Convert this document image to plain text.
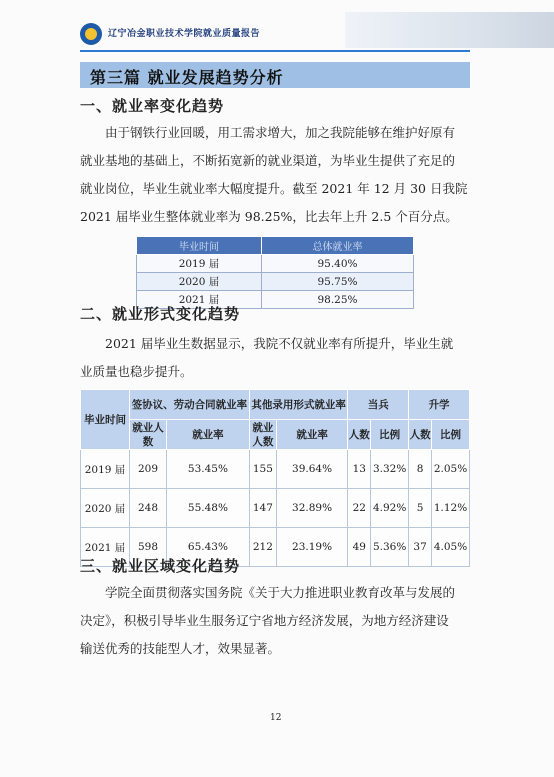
辽宁冶金职业技术学院就业质量报告
第三篇 就业发展趋势分析
一、就业率变化趋势
由于钢铁行业回暖，用工需求增大，加之我院能够在维护好原有
就业基地的基础上，不断拓宽新的就业渠道，为毕业生提供了充足的
就业岗位，毕业生就业率大幅度提升。截至 2021 年 12 月 30 日我院
2021 届毕业生整体就业率为 98.25%，比去年上升 2.5 个百分点。
毕业时间	总体就业率
2019 届	95.40%
2020 届	95.75%
2021 届	98.25%
二、就业形式变化趋势
2021 届毕业生数据显示，我院不仅就业率有所提升，毕业生就
业质量也稳步提升。
毕业时间	签协议、劳动合同就业率		其他录用形式就业率		当兵		升学	
	就业人数	就业率	就业人数	就业率	人数	比例	人数	比例
2019 届	209	53.45%	155	39.64%	13	3.32%	8	2.05%
2020 届	248	55.48%	147	32.89%	22	4.92%	5	1.12%
2021 届	598	65.43%	212	23.19%	49	5.36%	37	4.05%
三、就业区域变化趋势
学院全面贯彻落实国务院《关于大力推进职业教育改革与发展的
决定》，积极引导毕业生服务辽宁省地方经济发展，为地方经济建设
输送优秀的技能型人才，效果显著。
12
